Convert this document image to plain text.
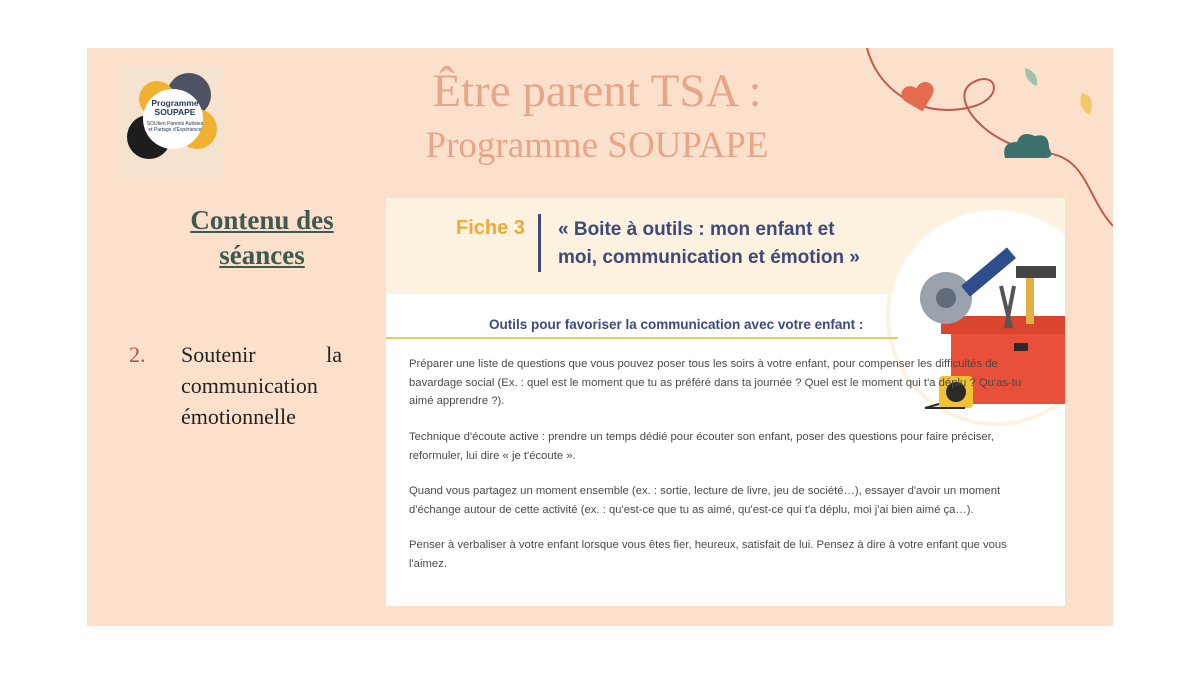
Programme
SOUPAPE
SOUtien Parents Autistes et Partage d'Expérience
Être parent TSA :
Programme SOUPAPE
Contenu des
séances
2. Soutenir la
communication
émotionnelle
Fiche 3 « Boite à outils : mon enfant et
moi, communication et émotion »
Outils pour favoriser la communication avec votre enfant :
Préparer une liste de questions que vous pouvez poser tous les soirs à votre enfant, pour compenser les difficultés de bavardage social (Ex. : quel est le moment que tu as préféré dans ta journée ? Quel est le moment qui t'a déplu ? Qu'as-tu aimé apprendre ?).
Technique d'écoute active : prendre un temps dédié pour écouter son enfant, poser des questions pour faire préciser, reformuler, lui dire « je t'écoute ».
Quand vous partagez un moment ensemble (ex. : sortie, lecture de livre, jeu de société…), essayer d'avoir un moment d'échange autour de cette activité (ex. : qu'est-ce que tu as aimé, qu'est-ce qui t'a déplu, moi j'ai bien aimé ça…).
Penser à verbaliser à votre enfant lorsque vous êtes fier, heureux, satisfait de lui. Pensez à dire à votre enfant que vous l'aimez.
